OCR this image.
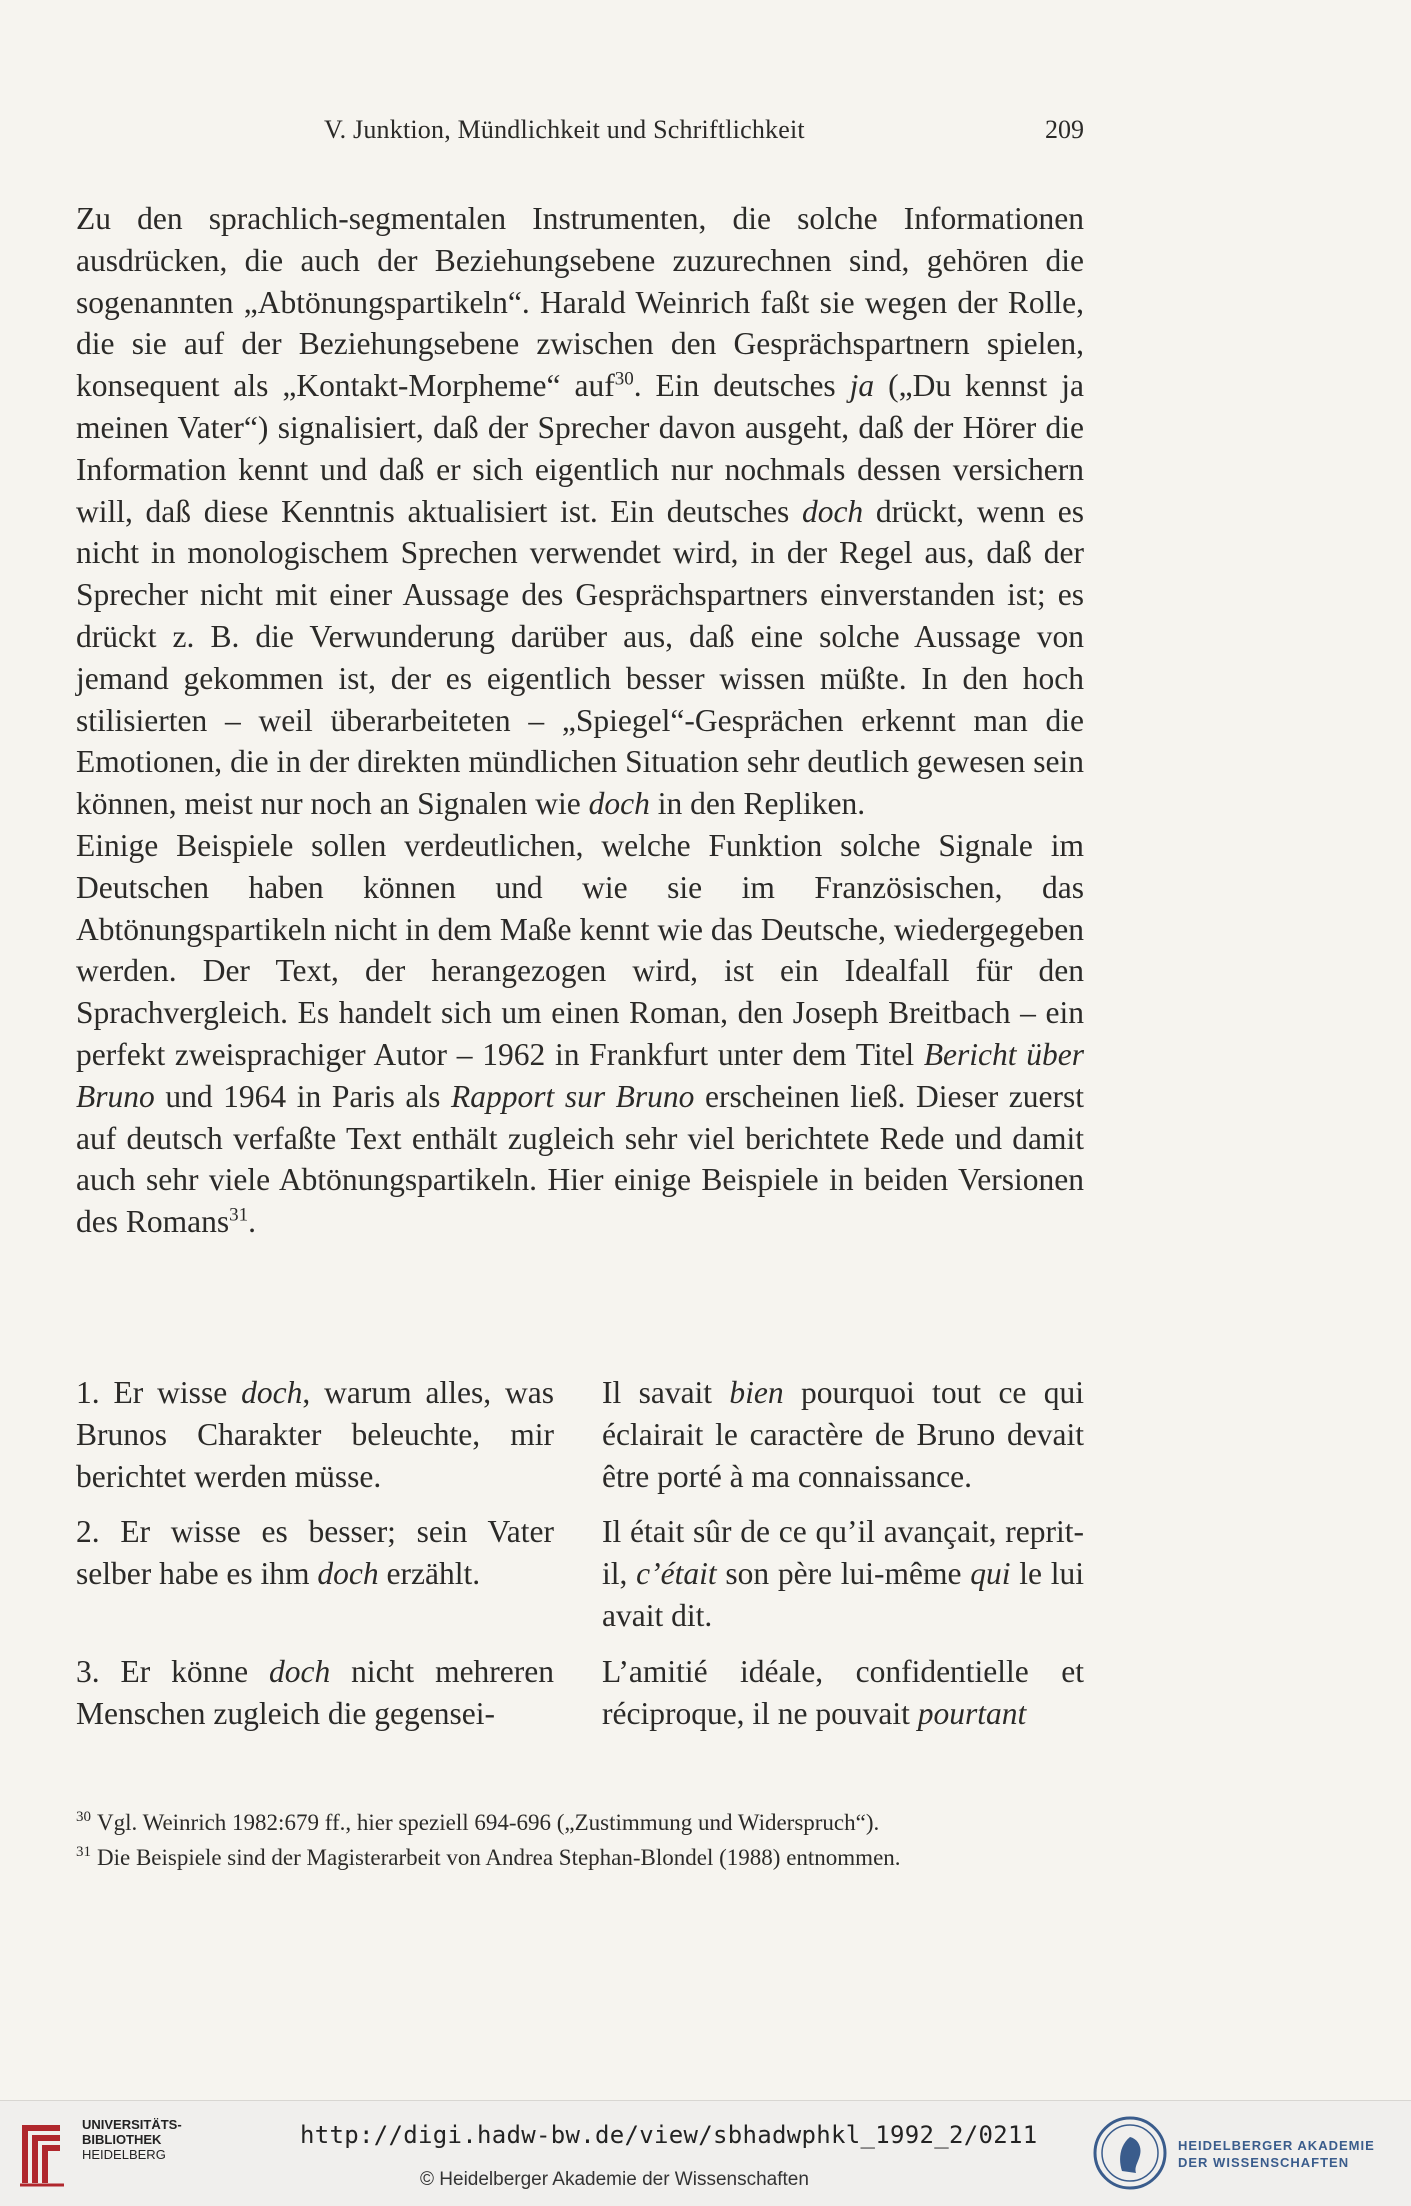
V. Junktion, Mündlichkeit und Schriftlichkeit	209

Zu den sprachlich-segmentalen Instrumenten, die solche Informationen ausdrücken, die auch der Beziehungsebene zuzurechnen sind, gehören die sogenannten „Abtönungspartikeln“. Harald Weinrich faßt sie wegen der Rolle, die sie auf der Beziehungsebene zwischen den Gesprächspartnern spielen, konsequent als „Kontakt-Morpheme“ auf$^{30}$. Ein deutsches ja („Du kennst ja meinen Vater“) signalisiert, daß der Sprecher davon ausgeht, daß der Hörer die Information kennt und daß er sich eigentlich nur nochmals dessen versichern will, daß diese Kenntnis aktualisiert ist. Ein deutsches doch drückt, wenn es nicht in monologischem Sprechen verwendet wird, in der Regel aus, daß der Sprecher nicht mit einer Aussage des Gesprächspartners einverstanden ist; es drückt z. B. die Verwunderung darüber aus, daß eine solche Aussage von jemand gekommen ist, der es eigentlich besser wissen müßte. In den hoch stilisierten – weil überarbeiteten – „Spiegel“-Gesprächen erkennt man die Emotionen, die in der direkten mündlichen Situation sehr deutlich gewesen sein können, meist nur noch an Signalen wie doch in den Repliken.

Einige Beispiele sollen verdeutlichen, welche Funktion solche Signale im Deutschen haben können und wie sie im Französischen, das Abtönungspartikeln nicht in dem Maße kennt wie das Deutsche, wiedergegeben werden. Der Text, der herangezogen wird, ist ein Idealfall für den Sprachvergleich. Es handelt sich um einen Roman, den Joseph Breitbach – ein perfekt zweisprachiger Autor – 1962 in Frankfurt unter dem Titel Bericht über Bruno und 1964 in Paris als Rapport sur Bruno erscheinen ließ. Dieser zuerst auf deutsch verfaßte Text enthält zugleich sehr viel berichtete Rede und damit auch sehr viele Abtönungspartikeln. Hier einige Beispiele in beiden Versionen des Romans$^{31}$.

1. Er wisse doch, warum alles, was Brunos Charakter beleuchte, mir berichtet werden müsse.
Il savait bien pourquoi tout ce qui éclairait le caractère de Bruno devait être porté à ma connaissance.
2. Er wisse es besser; sein Vater selber habe es ihm doch erzählt.
Il était sûr de ce qu’il avançait, reprit-il, c’était son père lui-même qui le lui avait dit.
3. Er könne doch nicht mehreren Menschen zugleich die gegensei-
L’amitié idéale, confidentielle et réciproque, il ne pouvait pourtant
$^{30}$ Vgl. Weinrich 1982:679 ff., hier speziell 694-696 („Zustimmung und Widerspruch“).
$^{31}$ Die Beispiele sind der Magisterarbeit von Andrea Stephan-Blondel (1988) entnommen.
UNIVERSITÄTS-
BIBLIOTHEK
HEIDELBERG
http://digi.hadw-bw.de/view/sbhadwphkl_1992_2/0211
© Heidelberger Akademie der Wissenschaften
HEIDELBERGER AKADEMIE
DER WISSENSCHAFTEN
